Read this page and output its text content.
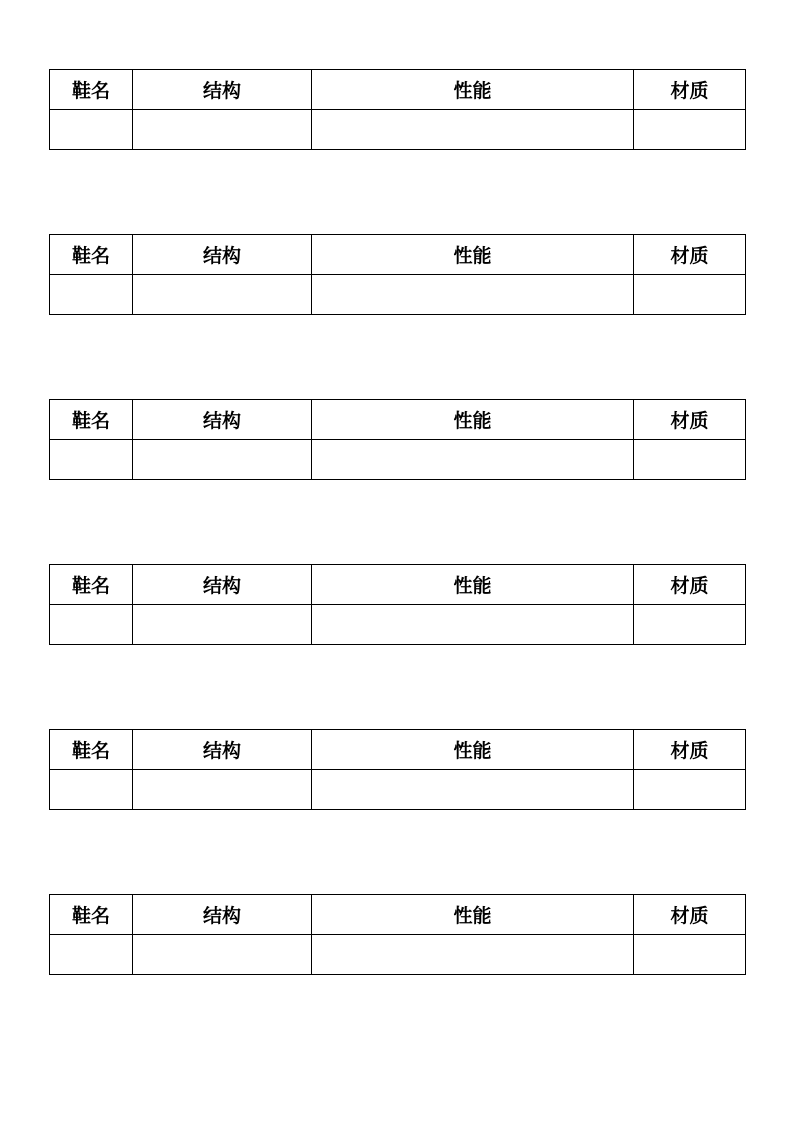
鞋名	结构	性能	材质

鞋名	结构	性能	材质

鞋名	结构	性能	材质

鞋名	结构	性能	材质

鞋名	结构	性能	材质

鞋名	结构	性能	材质
